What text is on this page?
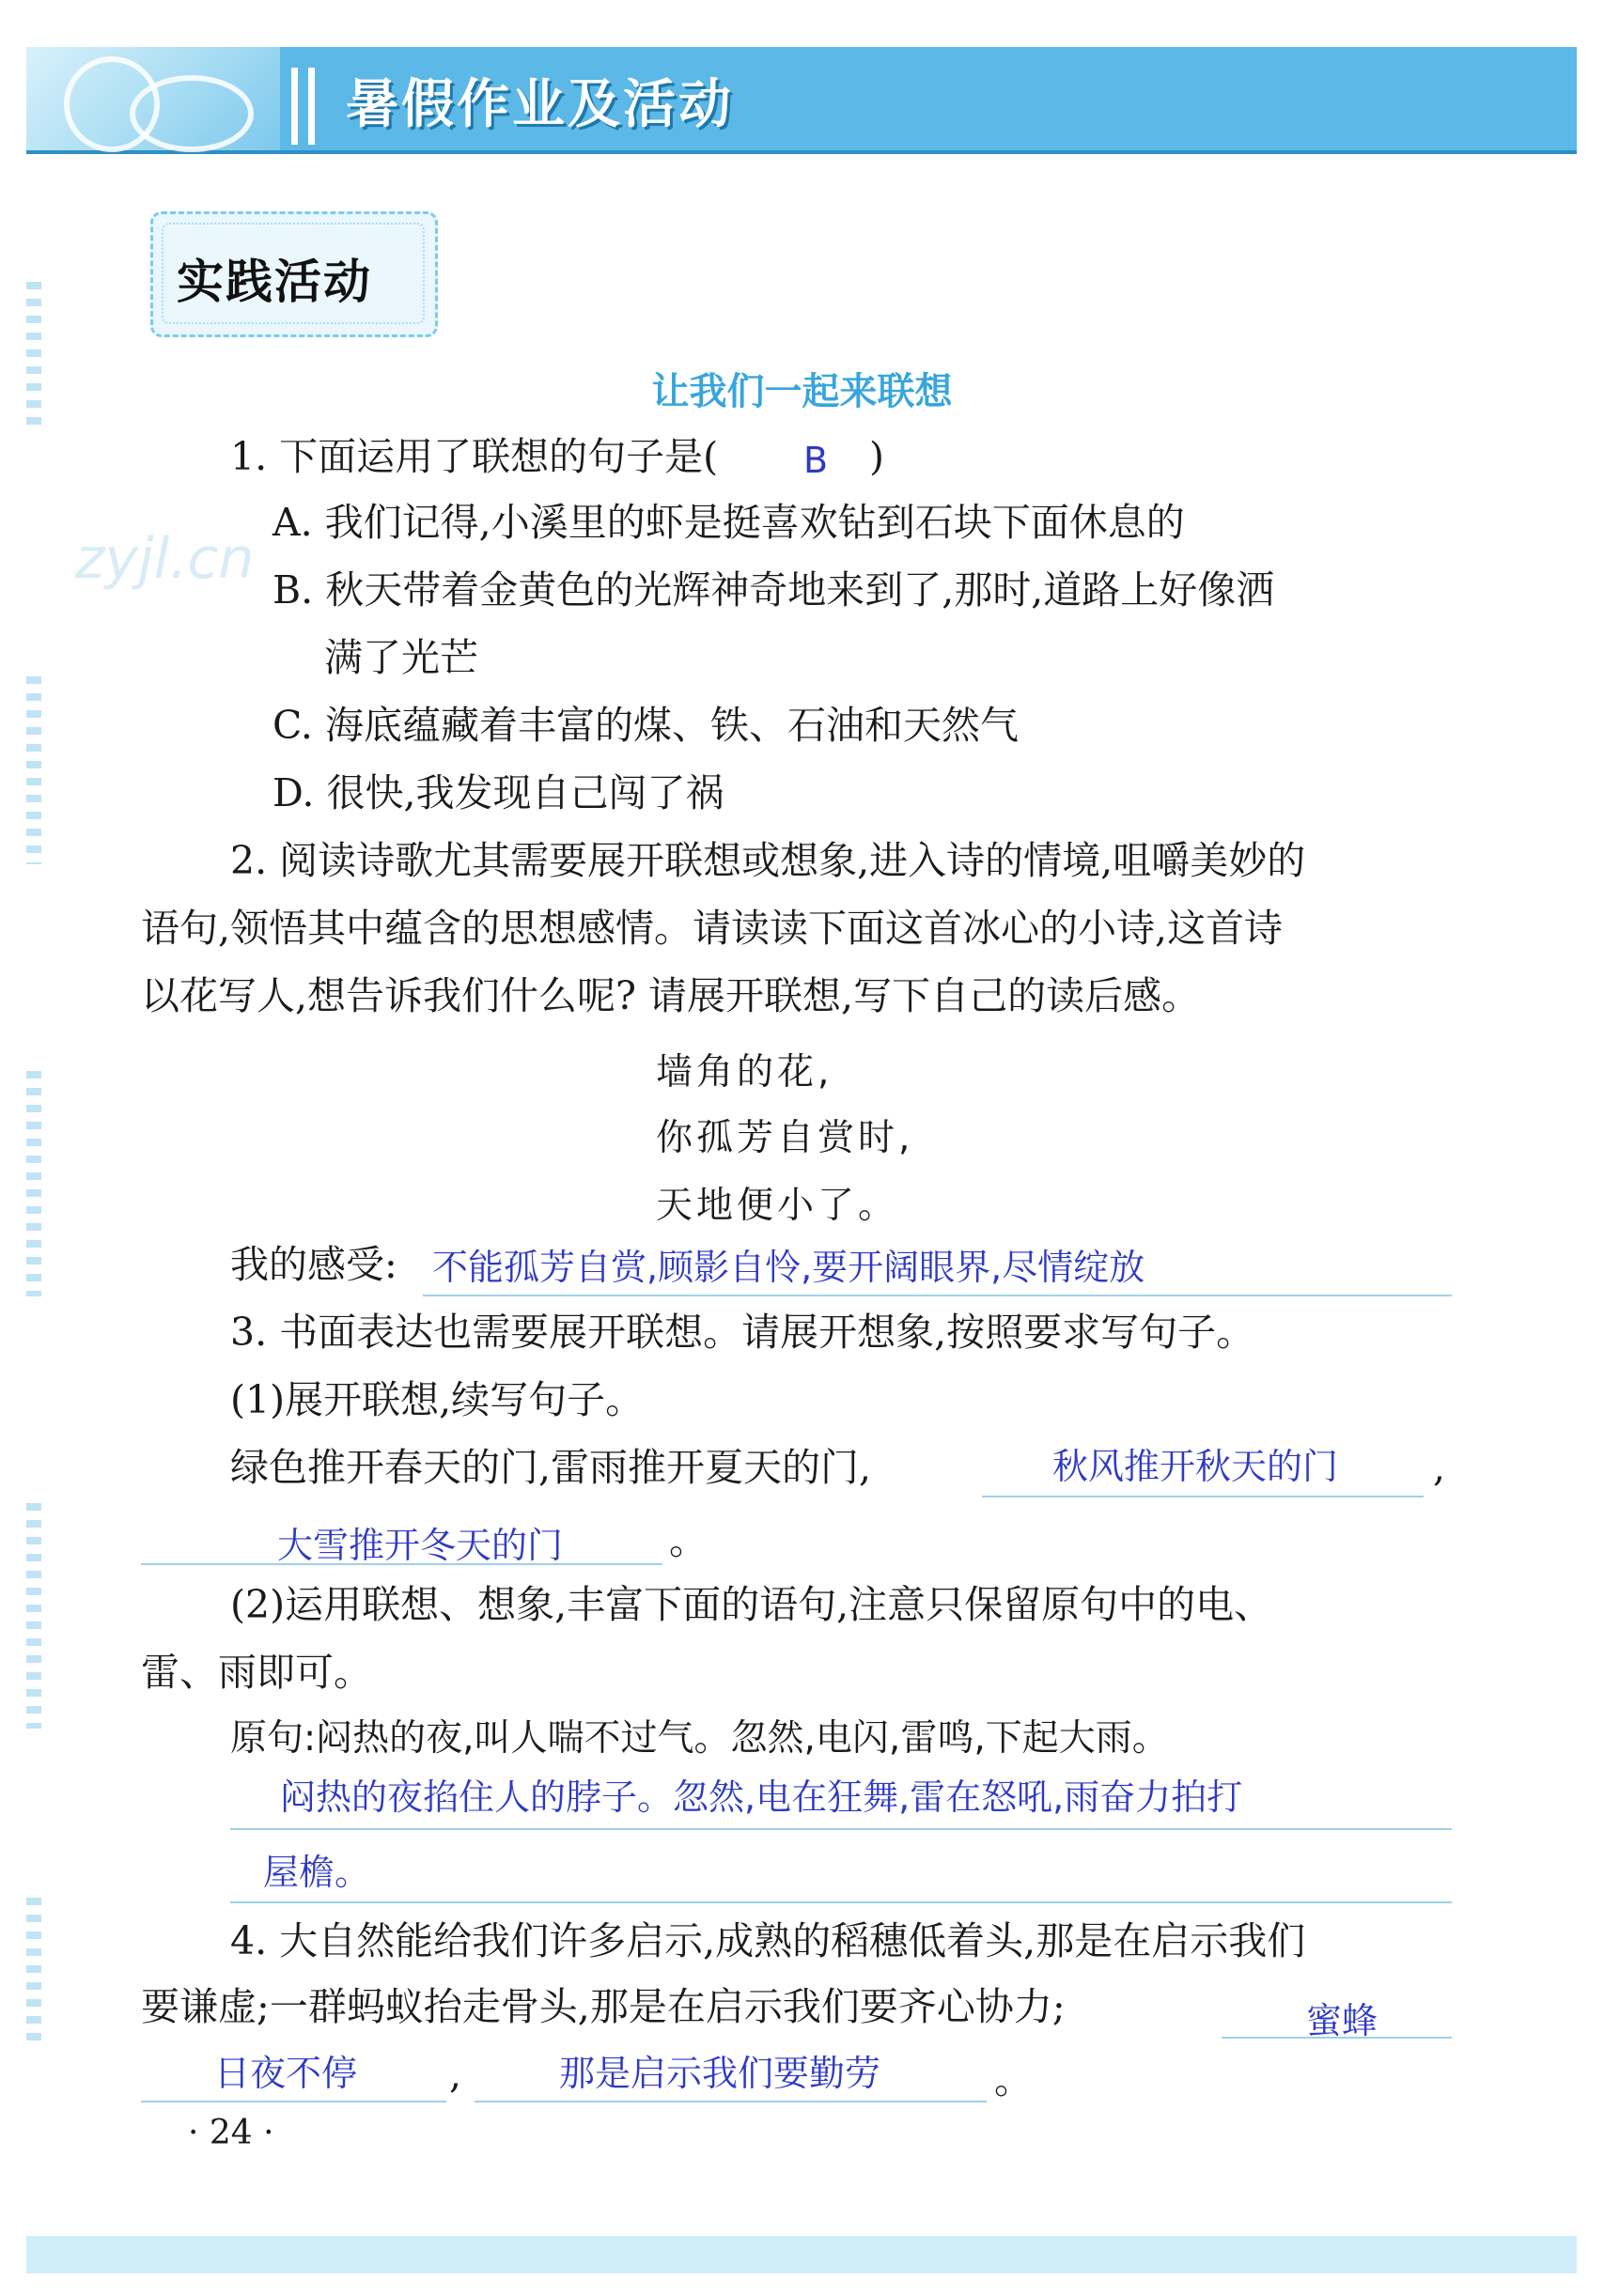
暑假作业及活动
zyjl.cn
实践活动
让我们一起来联想
1. 下面运用了联想的句子是( B )
A. 我们记得,小溪里的虾是挺喜欢钻到石块下面休息的
B. 秋天带着金黄色的光辉神奇地来到了,那时,道路上好像洒
满了光芒
C. 海底蕴藏着丰富的煤、铁、石油和天然气
D. 很快,我发现自己闯了祸
2. 阅读诗歌尤其需要展开联想或想象,进入诗的情境,咀嚼美妙的
语句,领悟其中蕴含的思想感情。请读读下面这首冰心的小诗,这首诗
以花写人,想告诉我们什么呢? 请展开联想,写下自己的读后感。
墙角的花,
你孤芳自赏时,
天地便小了。
我的感受: 不能孤芳自赏,顾影自怜,要开阔眼界,尽情绽放
3. 书面表达也需要展开联想。请展开想象,按照要求写句子。
(1)展开联想,续写句子。
绿色推开春天的门,雷雨推开夏天的门,	秋风推开秋天的门 ,
大雪推开冬天的门	。
(2)运用联想、想象,丰富下面的语句,注意只保留原句中的电、
雷、雨即可。
原句:闷热的夜,叫人喘不过气。忽然,电闪,雷鸣,下起大雨。
闷热的夜掐住人的脖子。忽然,电在狂舞,雷在怒吼,雨奋力拍打
屋檐。
4. 大自然能给我们许多启示,成熟的稻穗低着头,那是在启示我们
要谦虚;一群蚂蚁抬走骨头,那是在启示我们要齐心协力;	蜜蜂
日夜不停 ,	那是启示我们要勤劳	。
· 24 ·
